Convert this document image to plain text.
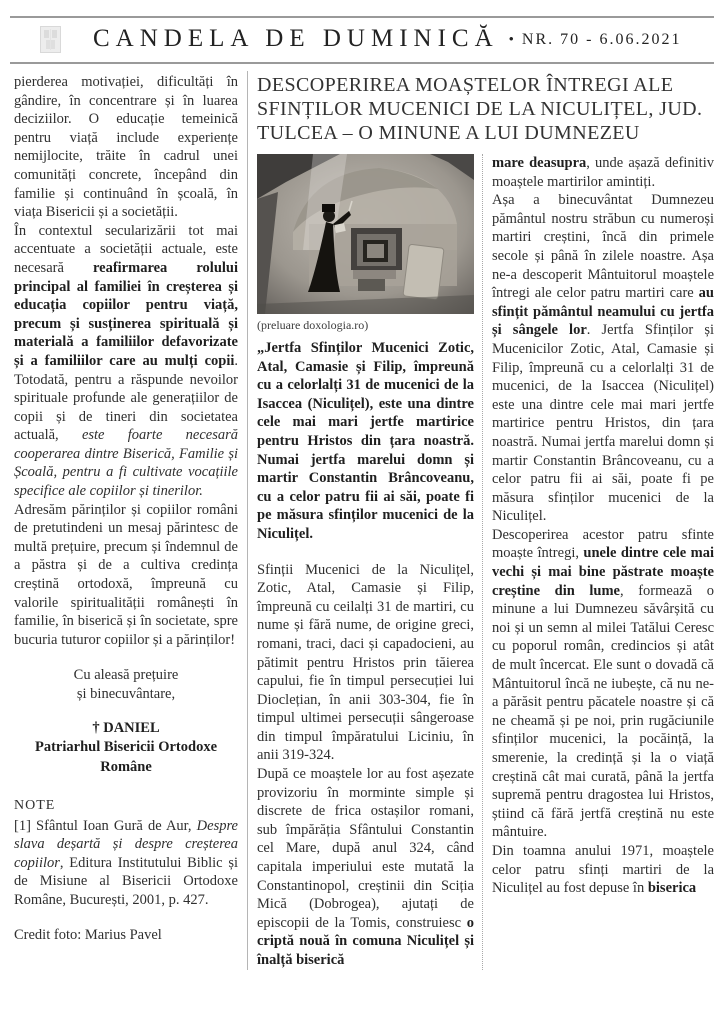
CANDELA DE DUMINICĂ • NR. 70 - 6.06.2021

pierderea motivației, dificultăți în gândire, în concentrare și în luarea deciziilor. O educație temeinică pentru viață include experiențe nemijlocite, trăite în cadrul unei comunități concrete, începând din familie și continuând în școală, în viața Bisericii și a societății.

În contextul secularizării tot mai accentuate a societății actuale, este necesară reafirmarea rolului principal al familiei în creșterea și educația copiilor pentru viață, precum și susținerea spirituală și materială a familiilor defavorizate și a familiilor care au mulți copii. Totodată, pentru a răspunde nevoilor spirituale profunde ale generațiilor de copii și de tineri din societatea actuală, este foarte necesară cooperarea dintre Biserică, Familie și Școală, pentru a fi cultivate vocațiile specifice ale copiilor și tinerilor.

Adresăm părinților și copiilor români de pretutindeni un mesaj părintesc de multă prețuire, precum și îndemnul de a păstra și de a cultiva credința creștină ortodoxă, împreună cu valorile spiritualității românești în familie, în biserică și în societate, spre bucuria tuturor copiilor și a părinților!

Cu aleasă prețuire
și binecuvântare,

† DANIEL
Patriarhul Bisericii Ortodoxe Române

NOTE

[1] Sfântul Ioan Gură de Aur, Despre slava deșartă și despre creșterea copiilor, Editura Institutului Biblic și de Misiune al Bisericii Ortodoxe Române, București, 2001, p. 427.

Credit foto: Marius Pavel

DESCOPERIREA MOAȘTELOR ÎNTREGI ALE SFINȚILOR MUCENICI DE LA NICULIȚEL, JUD. TULCEA – O MINUNE A LUI DUMNEZEU
(preluare doxologia.ro)

„Jertfa Sfinților Mucenici Zotic, Atal, Camasie și Filip, împreună cu a celorlalți 31 de mucenici de la Isaccea (Niculițel), este una dintre cele mai mari jertfe martirice pentru Hristos din țara noastră. Numai jertfa marelui domn și martir Constantin Brâncoveanu, cu a celor patru fii ai săi, poate fi pe măsura sfinților mucenici de la Niculițel.

Sfinții Mucenici de la Niculițel, Zotic, Atal, Camasie și Filip, împreună cu ceilalți 31 de martiri, cu nume și fără nume, de origine greci, romani, traci, daci și capadocieni, au pătimit pentru Hristos prin tăierea capului, fie în timpul persecuției lui Dioclețian, în anii 303-304, fie în timpul ultimei persecuții sângeroase din timpul împăratului Liciniu, în anii 319-324.

După ce moaștele lor au fost așezate provizoriu în morminte simple și discrete de frica ostașilor romani, sub împărăția Sfântului Constantin cel Mare, după anul 324, când capitala imperiului este mutată la Constantinopol, creștinii din Sciția Mică (Dobrogea), ajutați de episcopii de la Tomis, construiesc o criptă nouă în comuna Niculițel și înalță biserică

mare deasupra, unde așază definitiv moaștele martirilor amintiți.

Așa a binecuvântat Dumnezeu pământul nostru străbun cu numeroși martiri creștini, încă din primele secole și până în zilele noastre. Așa ne-a descoperit Mântuitorul moaștele întregi ale celor patru martiri care au sfințit pământul neamului cu jertfa și sângele lor. Jertfa Sfinților și Mucenicilor Zotic, Atal, Camasie și Filip, împreună cu a celorlalți 31 de mucenici, de la Isaccea (Niculițel) este una dintre cele mai mari jertfe martirice pentru Hristos, din țara noastră. Numai jertfa marelui domn și martir Constantin Brâncoveanu, cu a celor patru fii ai săi, poate fi pe măsura sfinților mucenici de la Niculițel.

Descoperirea acestor patru sfinte moaște întregi, unele dintre cele mai vechi și mai bine păstrate moaște creștine din lume, formează o minune a lui Dumnezeu săvârșită cu noi și un semn al milei Tatălui Ceresc cu poporul român, credincios și atât de mult încercat. Ele sunt o dovadă că Mântuitorul încă ne iubește, că nu ne-a părăsit pentru păcatele noastre și că ne cheamă și pe noi, prin rugăciunile sfinților mucenici, la pocăință, la smerenie, la credință și la o viață creștină cât mai curată, până la jertfa supremă pentru dragostea lui Hristos, știind că fără jertfă creștină nu este mântuire.

Din toamna anului 1971, moaștele celor patru sfinți martiri de la Niculițel au fost depuse în biserica
